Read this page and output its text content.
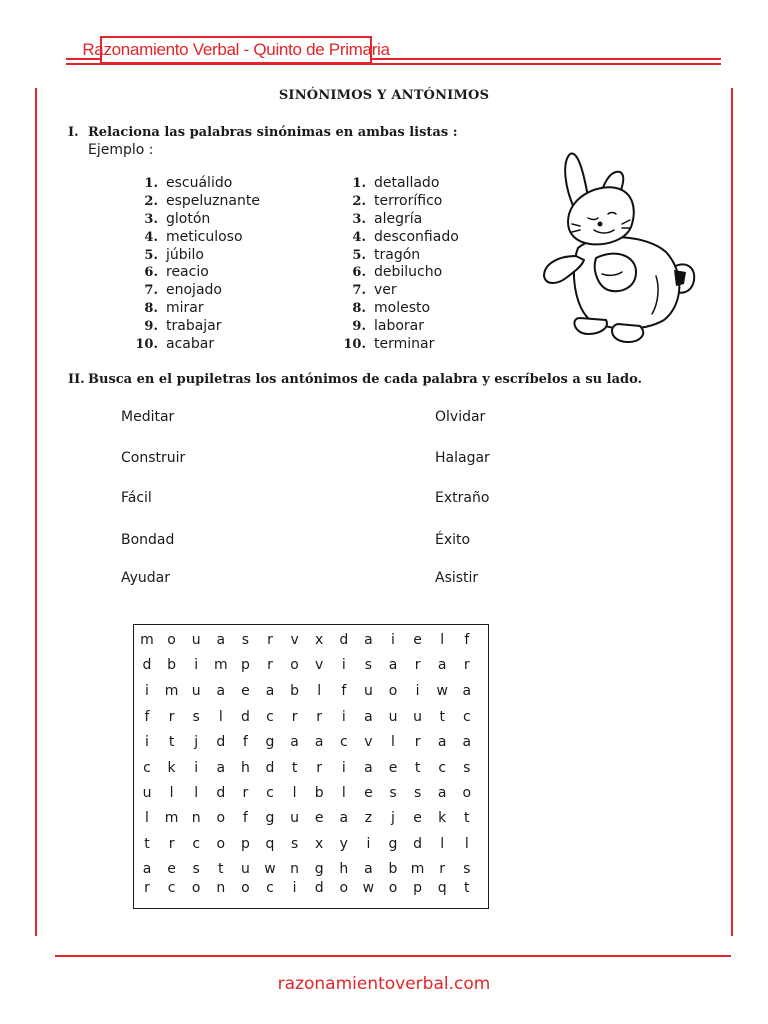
Razonamiento Verbal - Quinto de Primaria
SINÓNIMOS Y ANTÓNIMOS
I. Relaciona las palabras sinónimas en ambas listas :
Ejemplo :
1. escuálido
2. espeluznante
3. glotón
4. meticuloso
5. júbilo
6. reacio
7. enojado
8. mirar
9. trabajar
10. acabar
1. detallado
2. terrorífico
3. alegría
4. desconfiado
5. tragón
6. debilucho
7. ver
8. molesto
9. laborar
10. terminar
II. Busca en el pupiletras los antónimos de cada palabra y escríbelos a su lado.
Meditar
Construir
Fácil
Bondad
Ayudar
Olvidar
Halagar
Extraño
Éxito
Asistir
m o	u	a	s	r	v	x	d	a	i	e	l	f
d	b	i	m p	r	o	v	i	s	a	r	a	r
i	m u	a	e	a	b	l	f	u	o	i	w	a
f	r	s	l	d	c	r	r	i	a	u	u	t	c
i	t	j	d	f	g	a	a	c	v	l	r	a	a
c	k	i	a	h	d	t	r	i	a	e	t	c	s
u	l	l	d	r	c	l	b	l	e	s	s	a	o
l	m n	o	f	g	u	e	a	z	j	e	k	t
t	r	c	o	p	q	s	x	y	i	g	d	l	l
a	e	s	t	u	w	n	g	h	a	b m	r	s
r	c	o	n	o	c	i	d	o	w	o	p	q	t
razonamientoverbal.com
